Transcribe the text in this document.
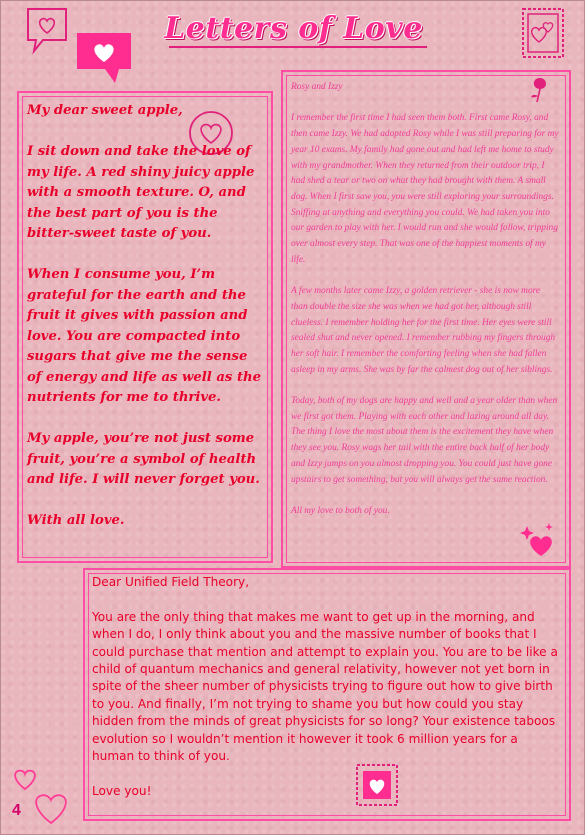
Letters of Love
My dear sweet apple,

I sit down and take the love of my life. A red shiny juicy apple with a smooth texture. O, and the best part of you is the bitter-sweet taste of you.

When I consume you, I’m grateful for the earth and the fruit it gives with passion and love. You are compacted into sugars that give me the sense of energy and life as well as the nutrients for me to thrive.

My apple, you’re not just some fruit, you’re a symbol of health and life. I will never forget you.

With all love.
Rosy and Izzy

I remember the first time I had seen them both. First came Rosy, and then came Izzy. We had adopted Rosy while I was still preparing for my year 10 exams. My family had gone out and had left me home to study with my grandmother. When they returned from their outdoor trip, I had shed a tear or two on what they had brought with them. A small dog. When I first saw you, you were still exploring your surroundings. Sniffing at anything and everything you could. We had taken you into our garden to play with her. I would run and she would follow, tripping over almost every step. That was one of the happiest moments of my life.

A few months later came Izzy, a golden retriever - she is now more than double the size she was when we had got her, although still clueless. I remember holding her for the first time. Her eyes were still sealed shut and never opened. I remember rubbing my fingers through her soft hair. I remember the comforting feeling when she had fallen asleep in my arms. She was by far the calmest dog out of her siblings.

Today, both of my dogs are happy and well and a year older than when we first got them. Playing with each other and lazing around all day. The thing I love the most about them is the excitement they have when they see you. Rosy wags her tail with the entire back half of her body and Izzy jumps on you almost dropping you. You could just have gone upstairs to get something, but you will always get the same reaction.

All my love to both of you.
Dear Unified Field Theory,

You are the only thing that makes me want to get up in the morning, and when I do, I only think about you and the massive number of books that I could purchase that mention and attempt to explain you. You are to be like a child of quantum mechanics and general relativity, however not yet born in spite of the sheer number of physicists trying to figure out how to give birth to you. And finally, I’m not trying to shame you but how could you stay hidden from the minds of great physicists for so long? Your existence taboos evolution so I wouldn’t mention it however it took 6 million years for a human to think of you.

Love you!
4
